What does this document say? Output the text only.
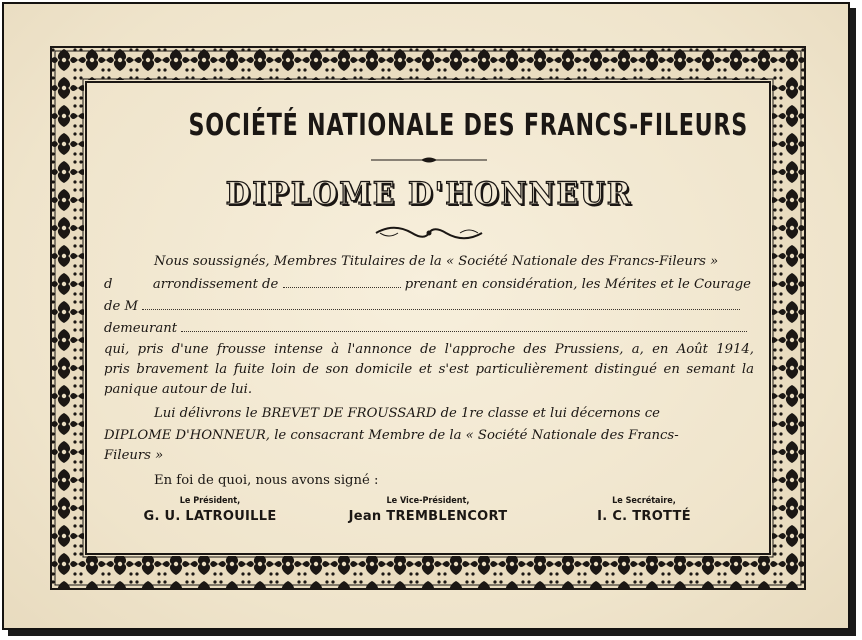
SOCIÉTÉ NATIONALE DES FRANCS-FILEURS
DIPLOME D'HONNEUR
Nous soussignés, Membres Titulaires de la « Société Nationale des Francs-Fileurs »
d	arrondissement de	prenant en considération, les Mérites et le Courage
de M
demeurant
qui, pris d'une frousse intense à l'annonce de l'approche des Prussiens, a, en Août 1914,
pris bravement la fuite loin de son domicile et s'est particulièrement distingué en semant la
panique autour de lui.
Lui délivrons le BREVET DE FROUSSARD de 1re classe et lui décernons ce
DIPLOME D'HONNEUR, le consacrant Membre de la « Société Nationale des Francs-
Fileurs »
En foi de quoi, nous avons signé :
Le Président,
G. U. LATROUILLE
Le Vice-Président,
Jean TREMBLENCORT
Le Secrétaire,
I. C. TROTTÉ
